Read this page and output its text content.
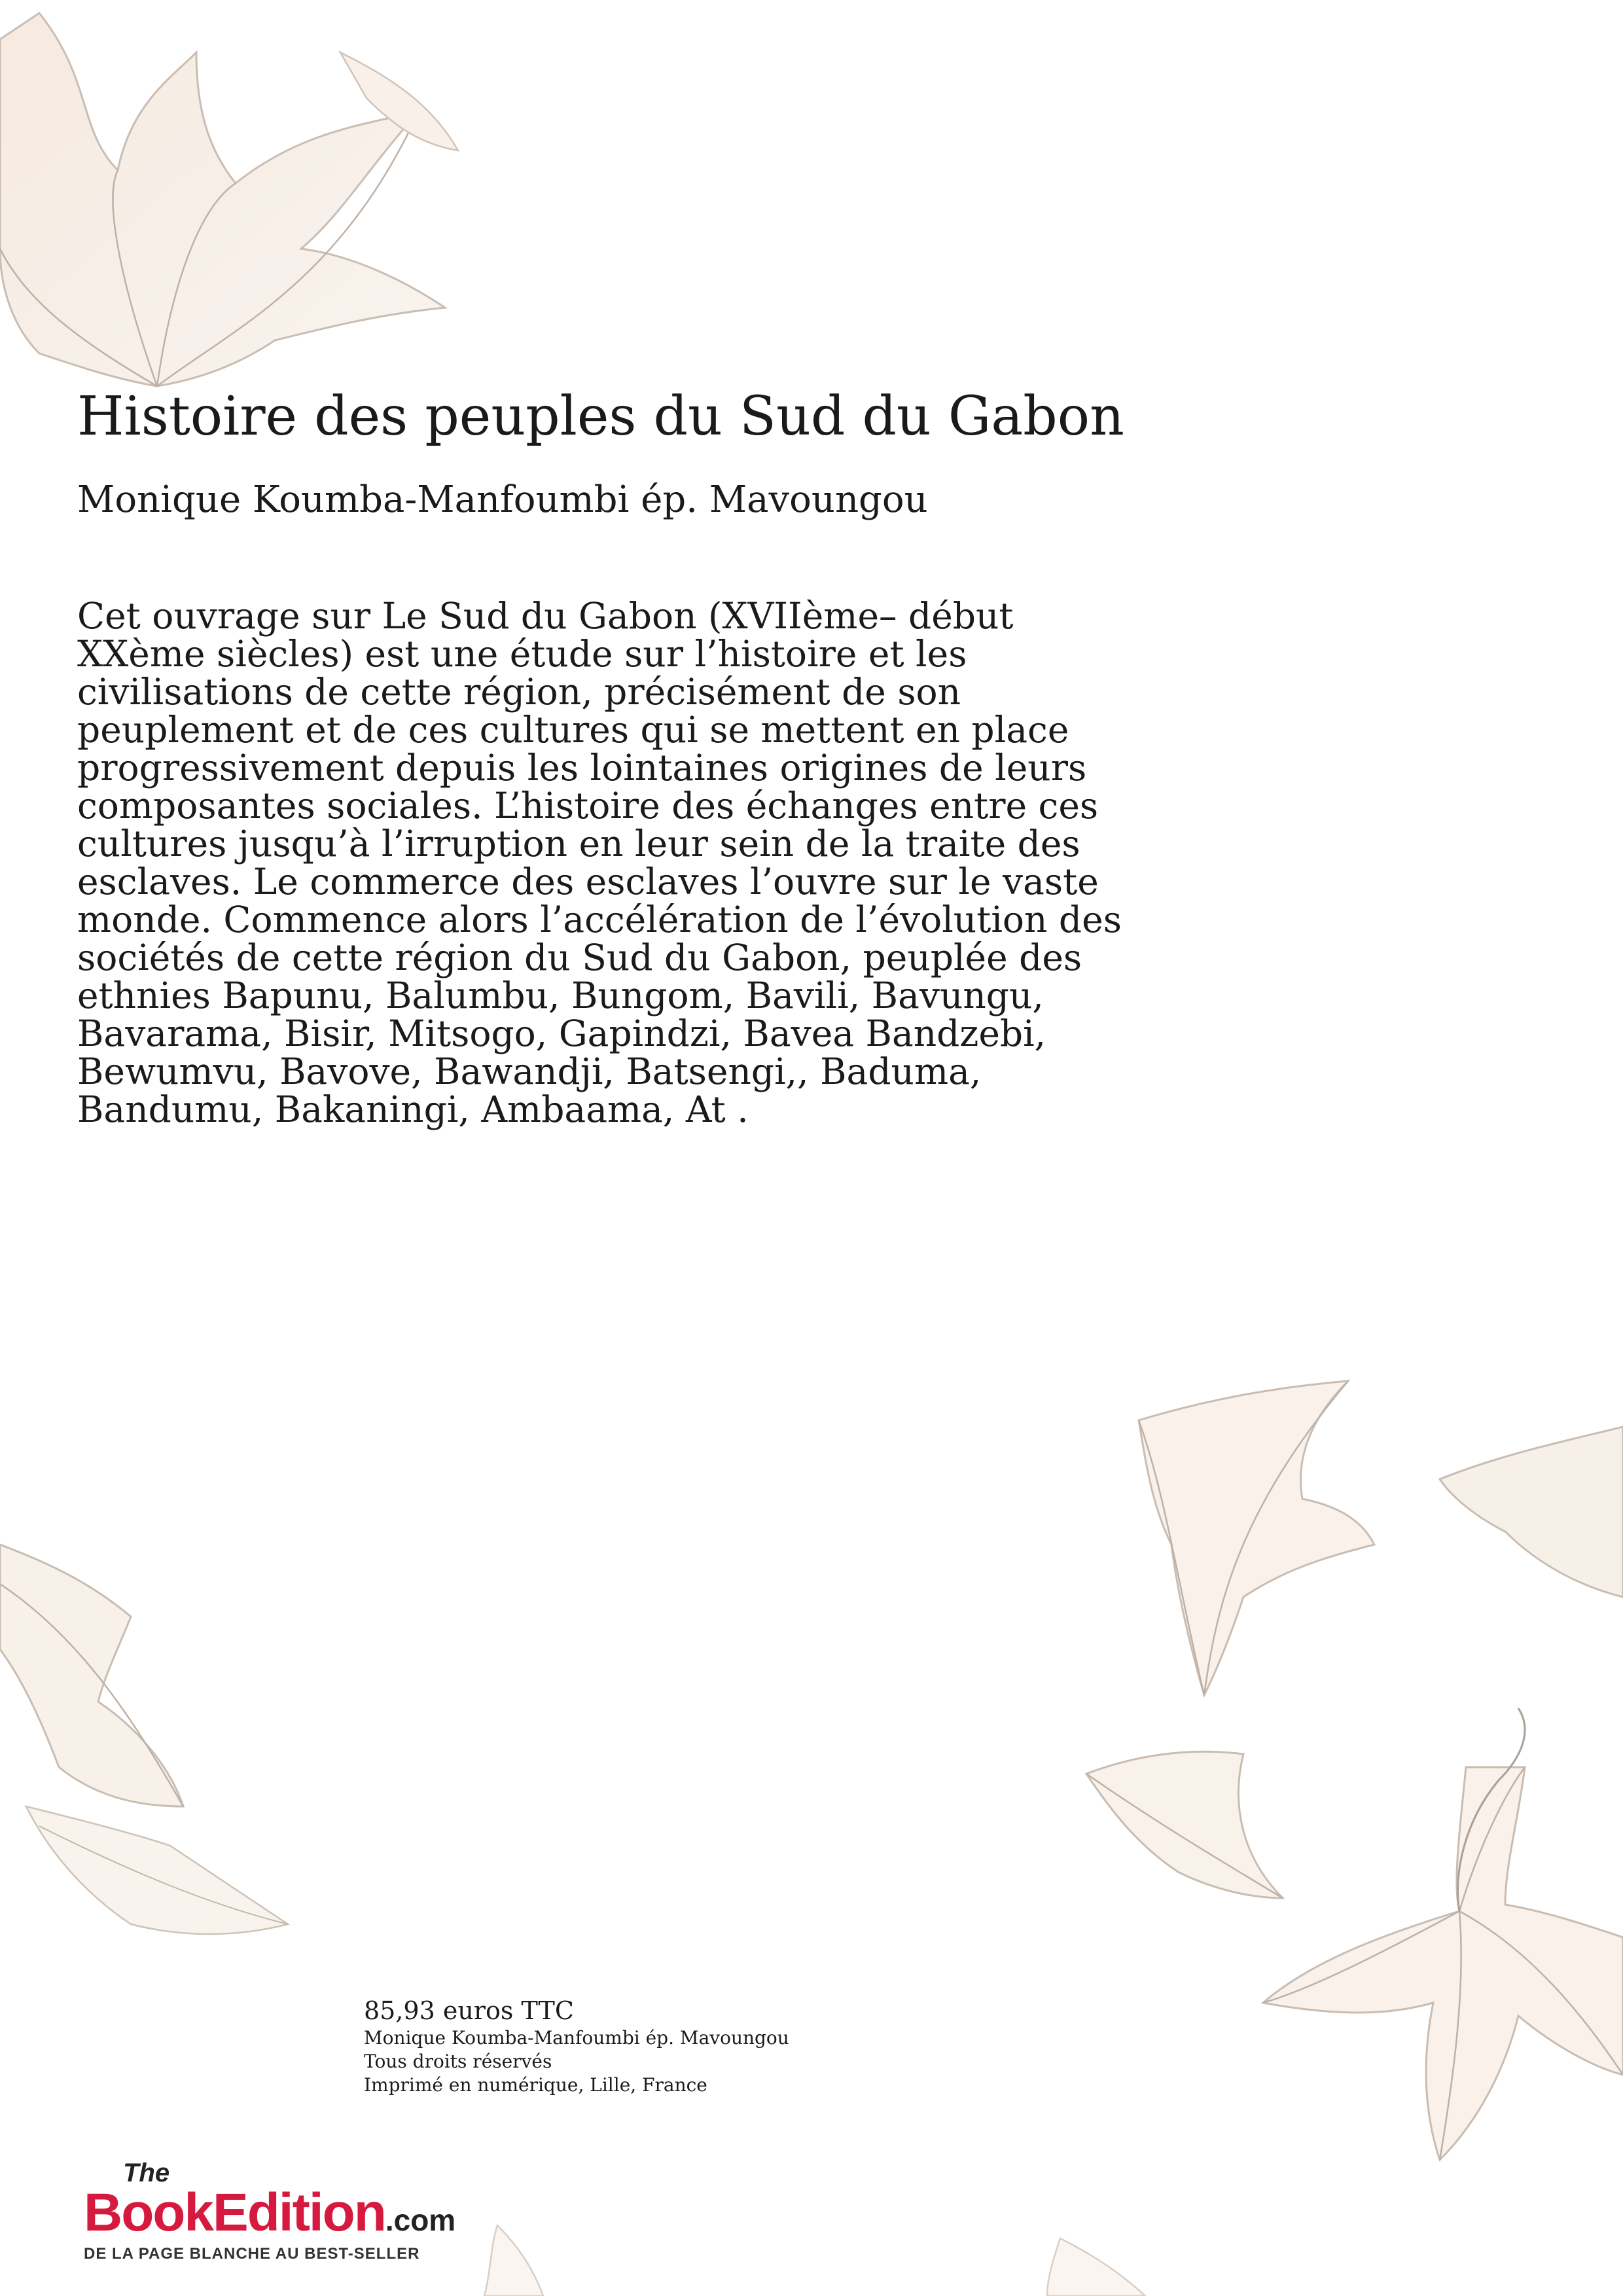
Histoire des peuples du Sud du Gabon
Monique Koumba-Manfoumbi ép. Mavoungou
Cet ouvrage sur Le Sud du Gabon (XVIIème– début
XXème siècles) est une étude sur l’histoire et les
civilisations de cette région, précisément de son
peuplement et de ces cultures qui se mettent en place
progressivement depuis les lointaines origines de leurs
composantes sociales. L’histoire des échanges entre ces
cultures jusqu’à l’irruption en leur sein de la traite des
esclaves. Le commerce des esclaves l’ouvre sur le vaste
monde. Commence alors l’accélération de l’évolution des
sociétés de cette région du Sud du Gabon, peuplée des
ethnies Bapunu, Balumbu, Bungom, Bavili, Bavungu,
Bavarama, Bisir, Mitsogo, Gapindzi, Bavea Bandzebi,
Bewumvu, Bavove, Bawandji, Batsengi,, Baduma,
Bandumu, Bakaningi, Ambaama, At .
85,93 euros TTC
Monique Koumba-Manfoumbi ép. Mavoungou
Tous droits réservés
Imprimé en numérique, Lille, France
The
BookEdition.com
DE LA PAGE BLANCHE AU BEST-SELLER
